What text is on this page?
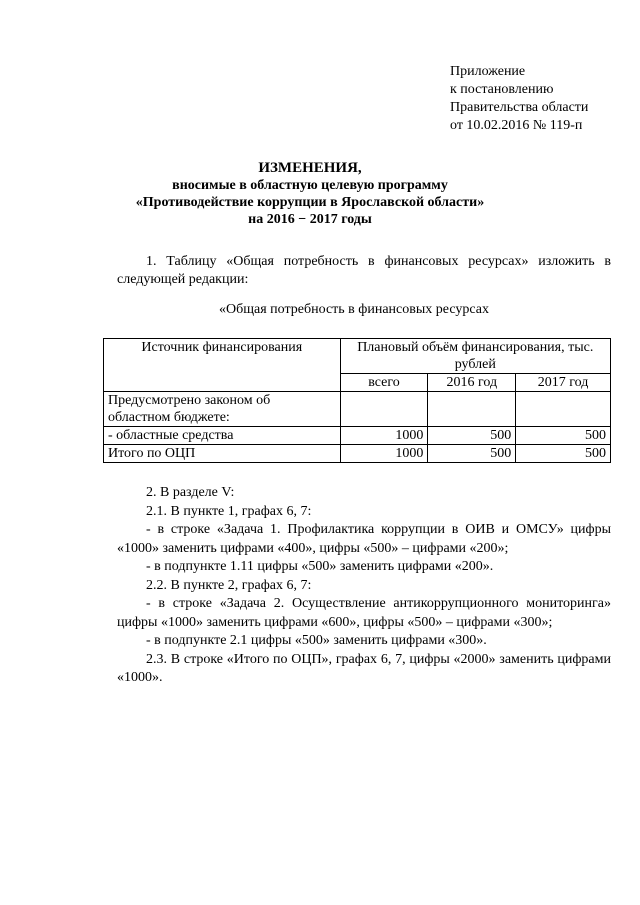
Приложение
к постановлению
Правительства области
от 10.02.2016 № 119-п
ИЗМЕНЕНИЯ,
вносимые в областную целевую программу
«Противодействие коррупции в Ярославской области»
на 2016 − 2017 годы
1. Таблицу «Общая потребность в финансовых ресурсах» изложить в следующей редакции:
«Общая потребность в финансовых ресурсах
Источник финансирования	Плановый объём финансирования, тыс. рублей		
	всего	2016 год	2017 год
Предусмотрено законом об областном бюджете:			
- областные средства	1000	500	500
Итого по ОЦП	1000	500	500

2. В разделе V:

2.1. В пункте 1, графах 6, 7:

- в строке «Задача 1. Профилактика коррупции в ОИВ и ОМСУ» цифры «1000» заменить цифрами «400», цифры «500» – цифрами «200»;

- в подпункте 1.11 цифры «500» заменить цифрами «200».

2.2. В пункте 2, графах 6, 7:

- в строке «Задача 2. Осуществление антикоррупционного мониторинга» цифры «1000» заменить цифрами «600», цифры «500» – цифрами «300»;

- в подпункте 2.1 цифры «500» заменить цифрами «300».

2.3. В строке «Итого по ОЦП», графах 6, 7, цифры «2000» заменить цифрами «1000».
